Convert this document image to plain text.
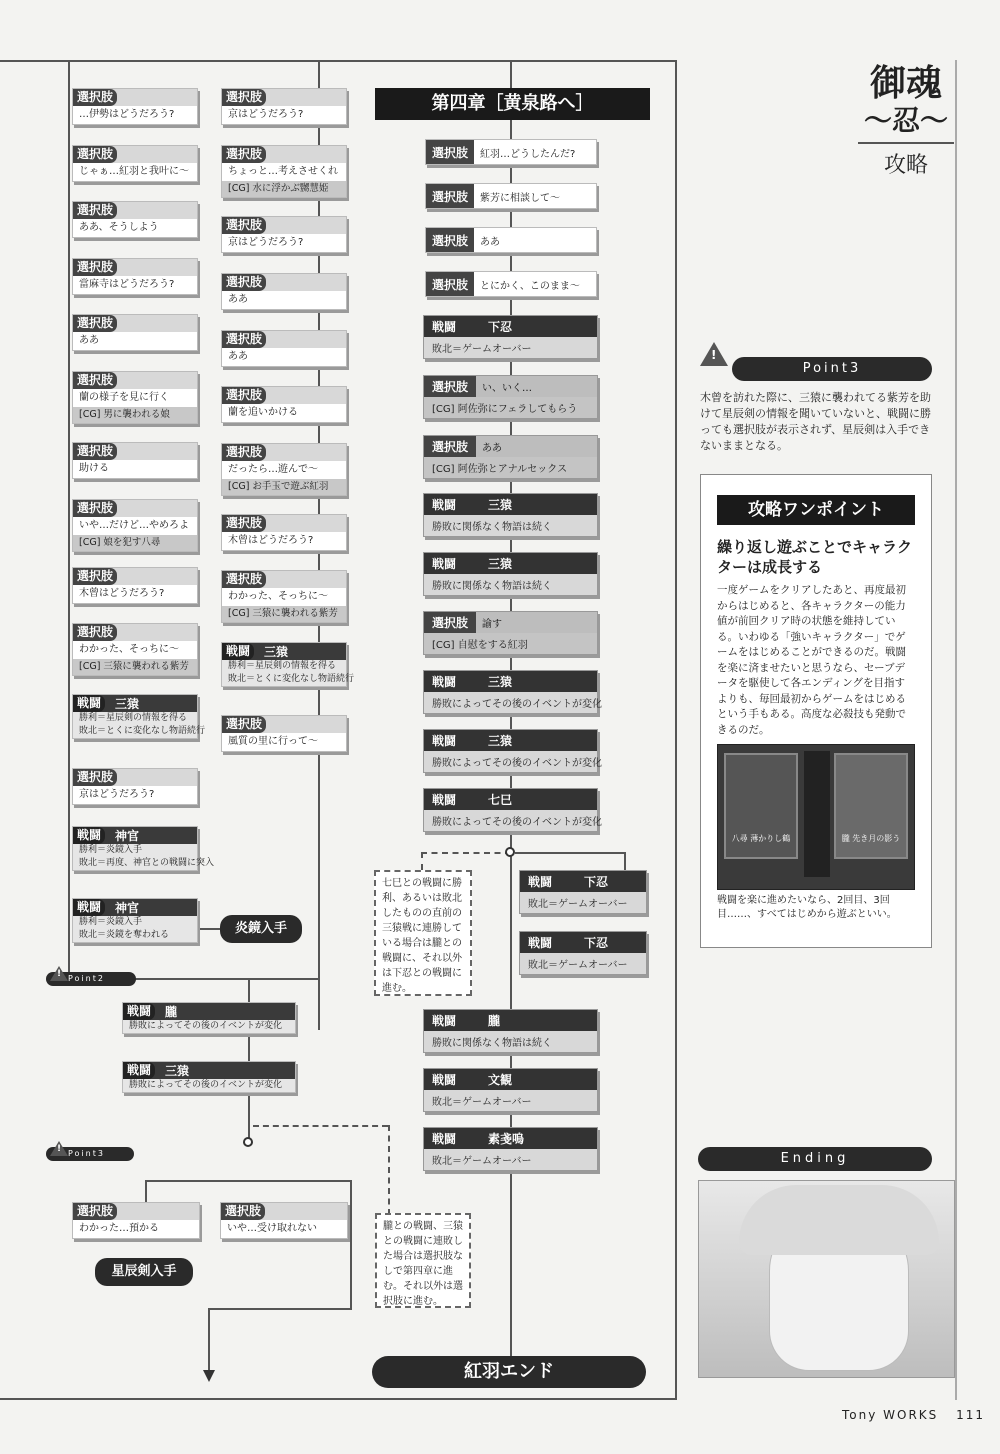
御魂
～忍～
攻略
選択肢
…伊勢はどうだろう?
選択肢
じゃぁ…紅羽と我叶に～
選択肢
ああ、そうしよう
選択肢
當麻寺はどうだろう?
選択肢
ああ
選択肢
蘭の様子を見に行く
[CG] 男に襲われる娘
選択肢
助ける
選択肢
いや…だけど…やめろよ
[CG] 娘を犯す八尋
選択肢
木曾はどうだろう?
選択肢
わかった、そっちに～
[CG] 三猿に襲われる紫芳
戦闘	三猿
勝利＝星辰剣の情報を得る
敗北＝とくに変化なし物語続行
選択肢
京はどうだろう?
戦闘	神官
勝利＝炎鏡入手
敗北＝再度、神官との戦闘に突入
戦闘	神官
勝利＝炎鏡入手
敗北＝炎鏡を奪われる
選択肢
京はどうだろう?
選択肢
ちょっと…考えさせくれ
[CG] 水に浮かぶ嬲慧姫
選択肢
京はどうだろう?
選択肢
ああ
選択肢
ああ
選択肢
蘭を追いかける
選択肢
だったら…遊んで～
[CG] お手玉で遊ぶ紅羽
選択肢
木曾はどうだろう?
選択肢
わかった、そっちに～
[CG] 三猿に襲われる紫芳
戦闘	三猿
勝利＝星辰剣の情報を得る
敗北＝とくに変化なし物語続行
選択肢
風質の里に行って～
炎鏡入手
Point2
!
戦闘	朧
勝敗によってその後のイベントが変化
戦闘	三猿
勝敗によってその後のイベントが変化
Point3
!
選択肢
わかった…預かる
選択肢
いや…受け取れない
星辰剣入手
朧との戦闘、三猿との戦闘に連敗した場合は選択肢なしで第四章に進む。それ以外は選択肢に進む。
七巳との戦闘に勝利、あるいは敗北したものの直前の三猿戦に連勝している場合は朧との戦闘に、それ以外は下忍との戦闘に進む。
第四章［黄泉路へ］
選択肢	紅羽…どうしたんだ?
選択肢	紫芳に相談して～
選択肢	ああ
選択肢	とにかく、このまま～
戦闘	下忍
敗北＝ゲームオーバー
選択肢	い、いく…
[CG] 阿佐弥にフェラしてもらう
選択肢	ああ
[CG] 阿佐弥とアナルセックス
戦闘	三猿
勝敗に関係なく物語は続く
戦闘	三猿
勝敗に関係なく物語は続く
選択肢	諭す
[CG] 自慰をする紅羽
戦闘	三猿
勝敗によってその後のイベントが変化
戦闘	三猿
勝敗によってその後のイベントが変化
戦闘	七巳
勝敗によってその後のイベントが変化
戦闘	下忍
敗北＝ゲームオーバー
戦闘	下忍
敗北＝ゲームオーバー
戦闘	朧
勝敗に関係なく物語は続く
戦闘	文観
敗北＝ゲームオーバー
戦闘	素戔嗚
敗北＝ゲームオーバー
紅羽エンド
!
Point3
木曾を訪れた際に、三猿に襲われてる紫芳を助けて星辰剣の情報を聞いていないと、戦闘に勝っても選択肢が表示されず、星辰剣は入手できないままとなる。
攻略ワンポイント
繰り返し遊ぶことでキャラクターは成長する
一度ゲームをクリアしたあと、再度最初からはじめると、各キャラクターの能力値が前回クリア時の状態を維持している。いわゆる「強いキャラクター」でゲームをはじめることができるのだ。戦闘を楽に済ませたいと思うなら、セーブデータを駆使して各エンディングを目指すよりも、毎回最初からゲームをはじめるという手もある。高度な必殺技も発動できるのだ。
八尋 薄かりし鶴	朧 先き月の影う
戦闘を楽に進めたいなら、2回目、3回目……、すべてはじめから遊ぶといい。
Ending
Tony WORKS 111
